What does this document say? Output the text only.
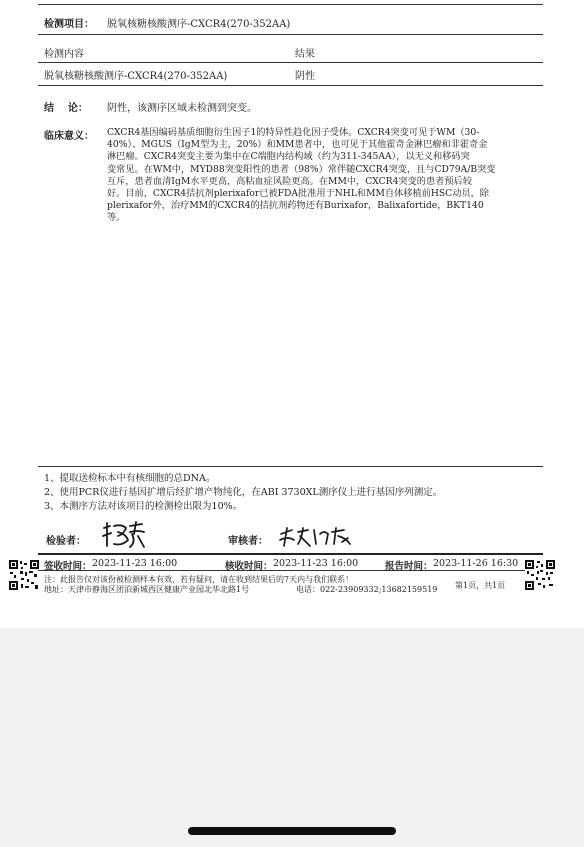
检测项目： 脱氧核糖核酸测序-CXCR4(270-352AA)
检测内容	结果
脱氧核糖核酸测序-CXCR4(270-352AA)	阴性
结    论： 阴性，该测序区域未检测到突变。
临床意义： CXCR4基因编码基质细胞衍生因子1的特异性趋化因子受体。CXCR4突变可见于WM（30-
40%）、MGUS（IgM型为主，20%）和MM患者中，也可见于其他霍奇金淋巴瘤和非霍奇金
淋巴瘤。CXCR4突变主要为集中在C端胞内结构域（约为311-345AA），以无义和移码突
变常见。在WM中，MYD88突变阳性的患者（98%）常伴随CXCR4突变，且与CD79A/B突变
互斥，患者血清IgM水平更高，高粘血症风险更高。在MM中，CXCR4突变的患者预后较
好。目前，CXCR4拮抗剂plerixafor已被FDA批准用于NHL和MM自体移植前HSC动员，除
plerixafor外，治疗MM的CXCR4的拮抗剂药物还有Burixafor，Balixafortide，BKT140
等。
1、提取送检标本中有核细胞的总DNA。
2、使用PCR仪进行基因扩增后经扩增产物纯化，在ABI 3730XL测序仪上进行基因序列测定。
3、本测序方法对该项目的检测检出限为10%。
检验者：	审核者：
签收时间： 2023-11-23 16:00	核收时间： 2023-11-23 16:00	报告时间： 2023-11-26 16:30
注：此报告仅对该份被检测样本有效，若有疑问，请在收到结果后的7天内与我们联系！
地址：天津市静海区团泊新城西区健康产业园北华北路1号	电话：022-23909332;13682159519 第1页，共1页
